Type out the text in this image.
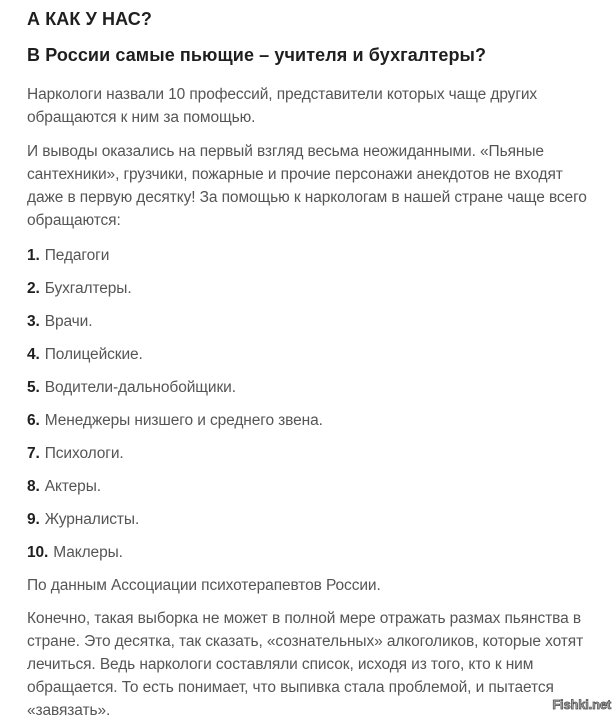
А КАК У НАС?
В России самые пьющие – учителя и бухгалтеры?
Наркологи назвали 10 профессий, представители которых чаще других
обращаются к ним за помощью.
И выводы оказались на первый взгляд весьма неожиданными. «Пьяные
сантехники», грузчики, пожарные и прочие персонажи анекдотов не входят
даже в первую десятку! За помощью к наркологам в нашей стране чаще всего
обращаются:
1. Педагоги
2. Бухгалтеры.
3. Врачи.
4. Полицейские.
5. Водители-дальнобойщики.
6. Менеджеры низшего и среднего звена.
7. Психологи.
8. Актеры.
9. Журналисты.
10. Маклеры.
По данным Ассоциации психотерапевтов России.
Конечно, такая выборка не может в полной мере отражать размах пьянства в
стране. Это десятка, так сказать, «сознательных» алкоголиков, которые хотят
лечиться. Ведь наркологи составляли список, исходя из того, кто к ним
обращается. То есть понимает, что выпивка стала проблемой, и пытается
«завязать».	Fishki.net
